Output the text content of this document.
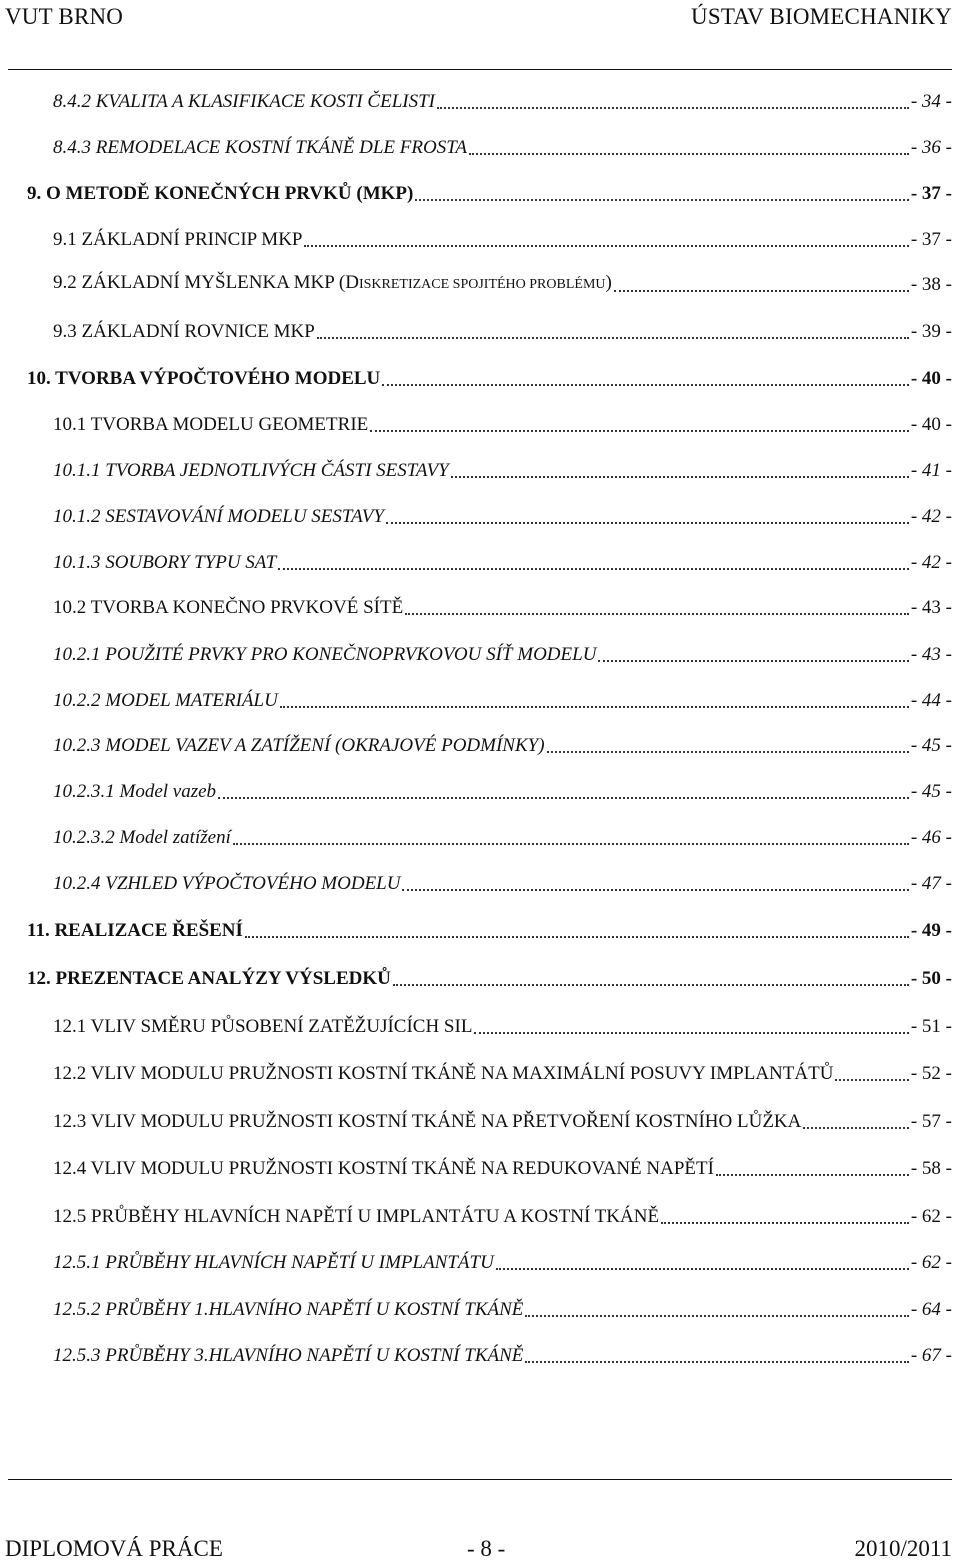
VUT BRNO	ÚSTAV BIOMECHANIKY
8.4.2 KVALITA A KLASIFIKACE KOSTI ČELISTI	- 34 -
8.4.3 REMODELACE KOSTNÍ TKÁNĚ DLE FROSTA	- 36 -
9. O METODĚ KONEČNÝCH PRVKŮ (MKP)	- 37 -
9.1 ZÁKLADNÍ PRINCIP MKP	- 37 -
9.2 ZÁKLADNÍ MYŠLENKA MKP (DISKRETIZACE SPOJITÉHO PROBLÉMU)	- 38 -
9.3 ZÁKLADNÍ ROVNICE MKP	- 39 -
10. TVORBA VÝPOČTOVÉHO MODELU	- 40 -
10.1 TVORBA MODELU GEOMETRIE	- 40 -
10.1.1 TVORBA JEDNOTLIVÝCH ČÁSTI SESTAVY	- 41 -
10.1.2 SESTAVOVÁNÍ MODELU SESTAVY	- 42 -
10.1.3 SOUBORY TYPU SAT	- 42 -
10.2 TVORBA KONEČNO PRVKOVÉ SÍTĚ	- 43 -
10.2.1 POUŽITÉ PRVKY PRO KONEČNOPRVKOVOU SÍŤ MODELU	- 43 -
10.2.2 MODEL MATERIÁLU	- 44 -
10.2.3 MODEL VAZEV A ZATÍŽENÍ (OKRAJOVÉ PODMÍNKY)	- 45 -
10.2.3.1 Model vazeb	- 45 -
10.2.3.2 Model zatížení	- 46 -
10.2.4 VZHLED VÝPOČTOVÉHO MODELU	- 47 -
11. REALIZACE ŘEŠENÍ	- 49 -
12. PREZENTACE ANALÝZY VÝSLEDKŮ	- 50 -
12.1 VLIV SMĚRU PŮSOBENÍ ZATĚŽUJÍCÍCH SIL	- 51 -
12.2 VLIV MODULU PRUŽNOSTI KOSTNÍ TKÁNĚ NA MAXIMÁLNÍ POSUVY IMPLANTÁTŮ	- 52 -
12.3 VLIV MODULU PRUŽNOSTI KOSTNÍ TKÁNĚ NA PŘETVOŘENÍ KOSTNÍHO LŮŽKA	- 57 -
12.4 VLIV MODULU PRUŽNOSTI KOSTNÍ TKÁNĚ NA REDUKOVANÉ NAPĚTÍ	- 58 -
12.5 PRŮBĚHY HLAVNÍCH NAPĚTÍ U IMPLANTÁTU A KOSTNÍ TKÁNĚ	- 62 -
12.5.1 PRŮBĚHY HLAVNÍCH NAPĚTÍ U IMPLANTÁTU	- 62 -
12.5.2 PRŮBĚHY 1.HLAVNÍHO NAPĚTÍ U KOSTNÍ TKÁNĚ	- 64 -
12.5.3 PRŮBĚHY 3.HLAVNÍHO NAPĚTÍ U KOSTNÍ TKÁNĚ	- 67 -
DIPLOMOVÁ PRÁCE	- 8 -	2010/2011
